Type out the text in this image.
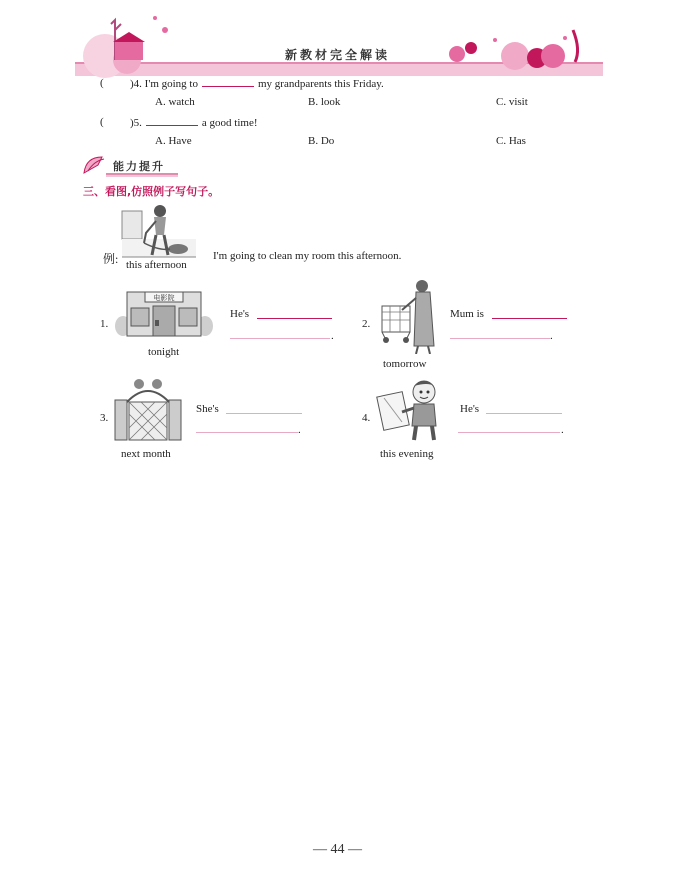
新教材完全解读
( )4. I'm going to	my grandparents this Friday.
A. watch	B. look	C. visit
( )5.	a good time!
A. Have	B. Do	C. Has
能力提升
三、看图,仿照例子写句子。
例: this afternoon
I'm going to clean my room this afternoon.
1.
电影院
tonight
He's
.
2.
tomorrow
Mum is
.
3.
next month
She's
.
4.
this evening
He's
.
— 44 —
